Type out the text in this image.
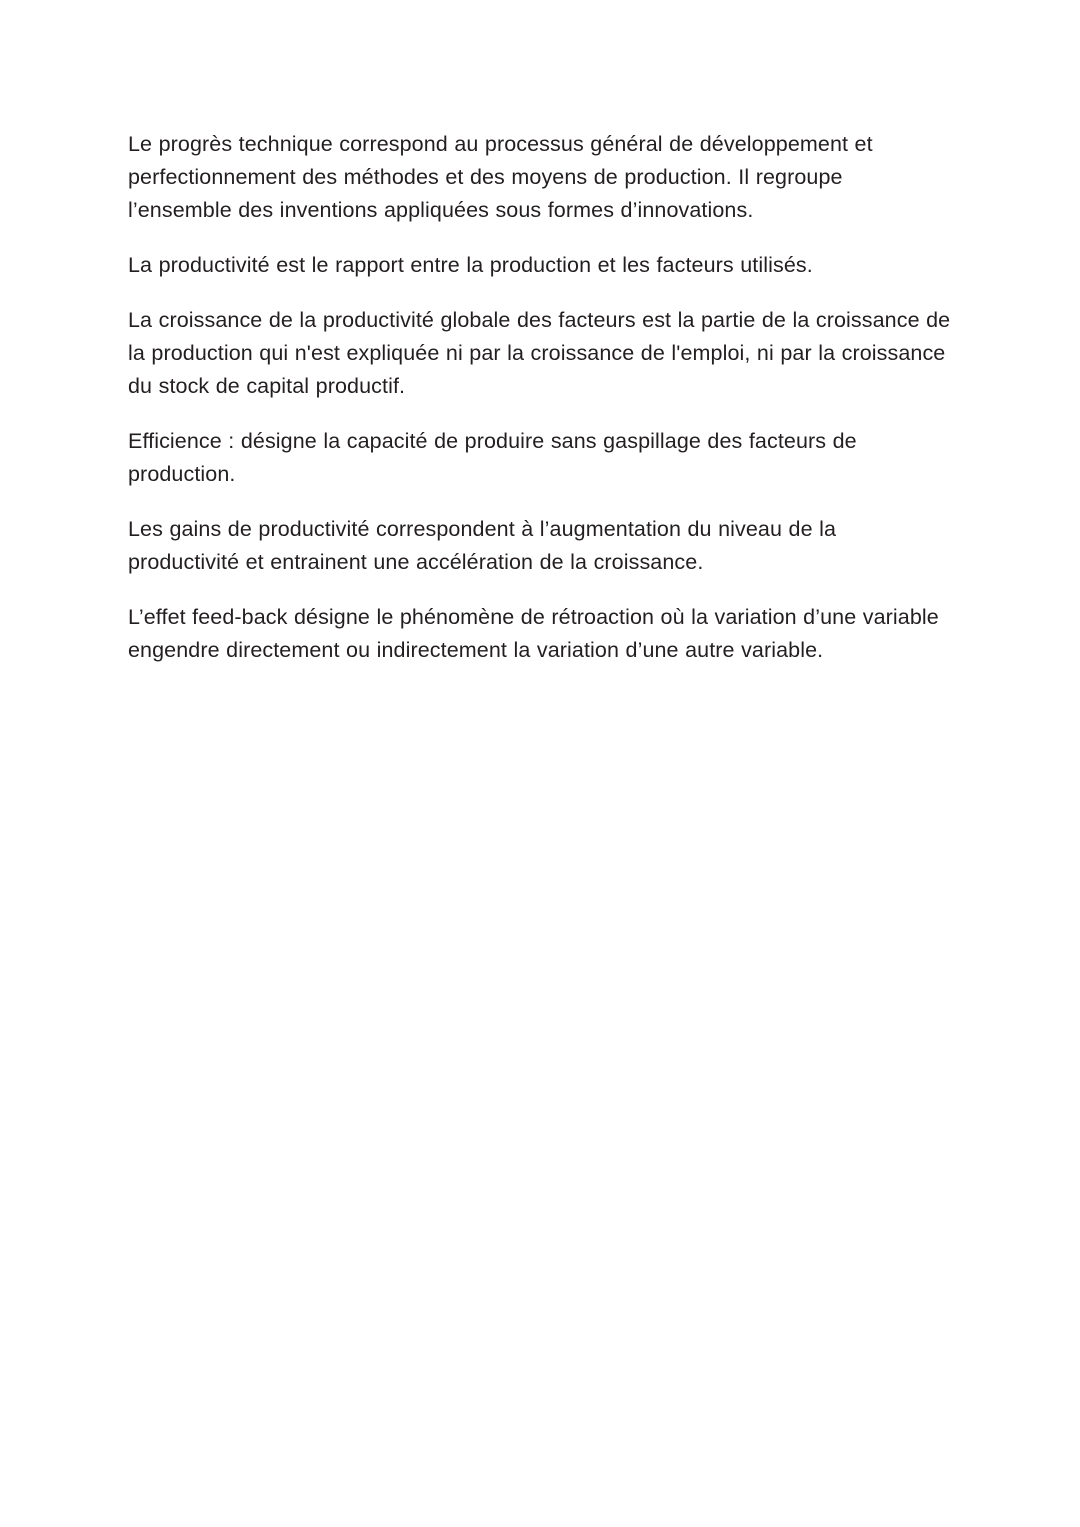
Le progrès technique correspond au processus général de développement et perfectionnement des méthodes et des moyens de production. Il regroupe l’ensemble des inventions appliquées sous formes d’innovations.

La productivité est le rapport entre la production et les facteurs utilisés.

La croissance de la productivité globale des facteurs est la partie de la croissance de la production qui n'est expliquée ni par la croissance de l'emploi, ni par la croissance du stock de capital productif.

Efficience : désigne la capacité de produire sans gaspillage des facteurs de production.

Les gains de productivité correspondent à l’augmentation du niveau de la productivité et entrainent une accélération de la croissance.

L’effet feed-back désigne le phénomène de rétroaction où la variation d’une variable engendre directement ou indirectement la variation d’une autre variable.
